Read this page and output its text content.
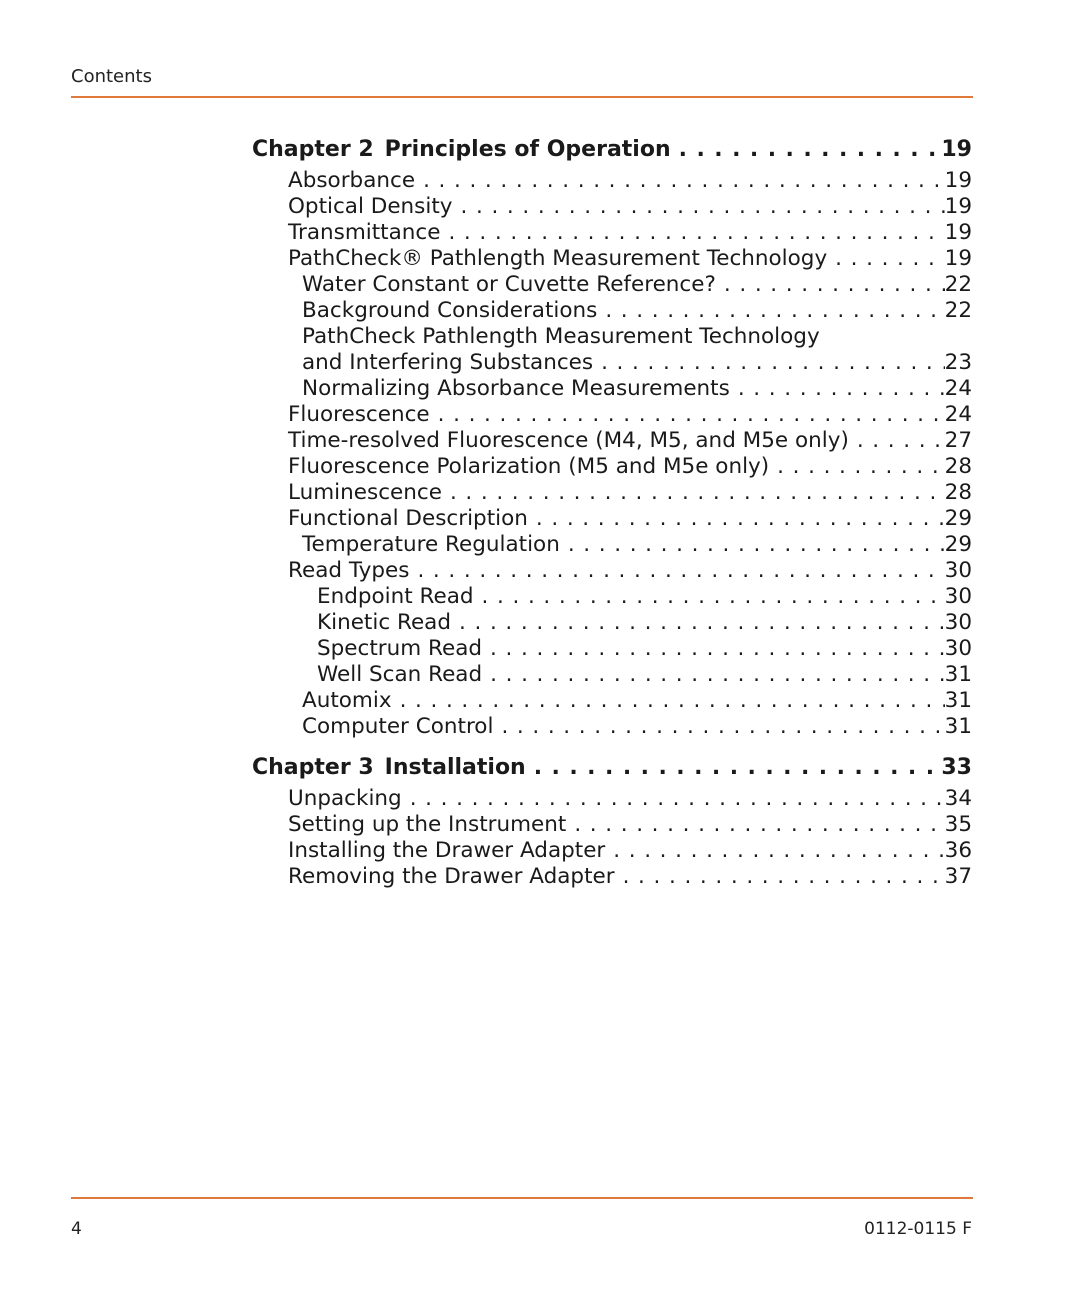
Contents
Chapter 2 Principles of Operation . . .	19
Absorbance . . .	19
Optical Density . . .	19
Transmittance . . .	19
PathCheck® Pathlength Measurement Technology . . .	19
Water Constant or Cuvette Reference? . . .	22
Background Considerations . . .	22
PathCheck Pathlength Measurement Technology
and Interfering Substances . . .	23
Normalizing Absorbance Measurements . . .	24
Fluorescence . . .	24
Time-resolved Fluorescence (M4, M5, and M5e only) . . .	27
Fluorescence Polarization (M5 and M5e only) . . .	28
Luminescence . . .	28
Functional Description . . .	29
Temperature Regulation . . .	29
Read Types . . .	30
Endpoint Read . . .	30
Kinetic Read . . .	30
Spectrum Read . . .	30
Well Scan Read . . .	31
Automix . . .	31
Computer Control . . .	31
Chapter 3 Installation . . .	33
Unpacking . . .	34
Setting up the Instrument . . .	35
Installing the Drawer Adapter . . .	36
Removing the Drawer Adapter . . .	37
4	0112-0115 F
